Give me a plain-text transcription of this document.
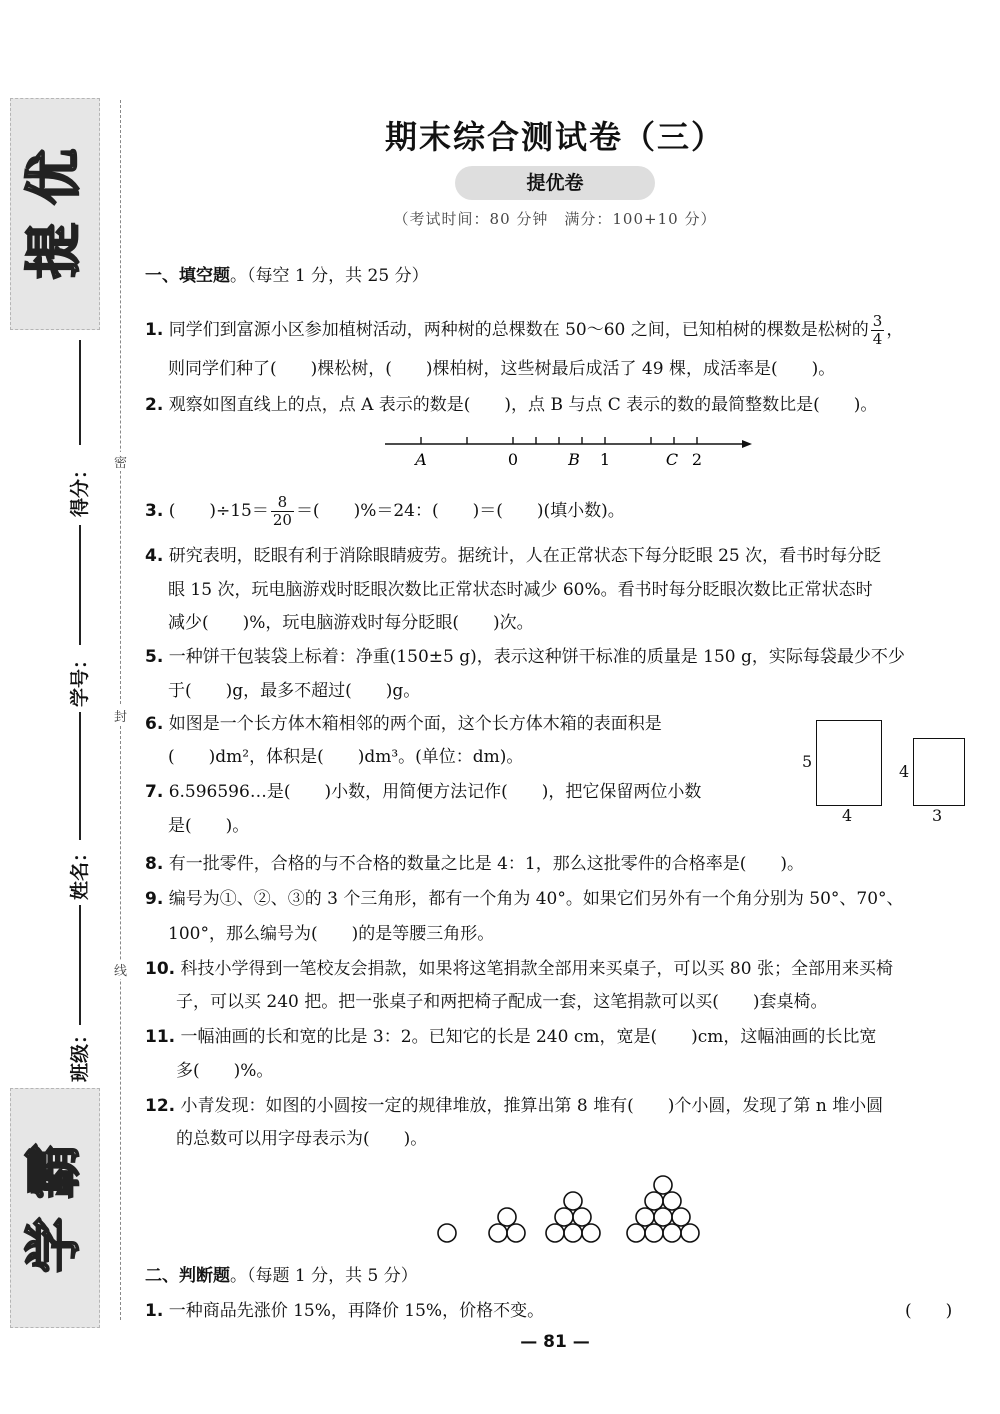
优
提
得分：
学号：
姓名：
班级：
霸
学
密
封
线
期末综合测试卷（三）
提优卷
（考试时间：80 分钟　满分：100+10 分）
一、填空题。（每空 1 分，共 25 分）
1. 同学们到富源小区参加植树活动，两种树的总棵数在 50～60 之间，已知柏树的棵数是松树的 $\frac{3}{4}$ ，
则同学们种了(　　)棵松树，(　　)棵柏树，这些树最后成活了 49 棵，成活率是(　　)。
2. 观察如图直线上的点，点 A 表示的数是(　　)，点 B 与点 C 表示的数的最简整数比是(　　)。
A	0	B 1	C 2
3. (　　)$\div 15= \frac{8}{20}$ ＝(　　)%＝24：(　　)＝(　　)(填小数)。
4. 研究表明，眨眼有利于消除眼睛疲劳。据统计，人在正常状态下每分眨眼 25 次，看书时每分眨
眼 15 次，玩电脑游戏时眨眼次数比正常状态时减少 60%。看书时每分眨眼次数比正常状态时
减少(　　)%，玩电脑游戏时每分眨眼(　　)次。
5. 一种饼干包装袋上标着：净重(150±5 g)，表示这种饼干标准的质量是 150 g，实际每袋最少不少
于(　　)g，最多不超过(　　)g。
6. 如图是一个长方体木箱相邻的两个面，这个长方体木箱的表面积是
(　　)dm²，体积是(　　)dm³。(单位：dm)。	5
4
4
3
7. 6.596596…是(　　)小数，用简便方法记作(　　)，把它保留两位小数
是(　　)。
8. 有一批零件，合格的与不合格的数量之比是 4：1，那么这批零件的合格率是(　　)。
9. 编号为①、②、③的 3 个三角形，都有一个角为 40°。如果它们另外有一个角分别为 50°、70°、
100°，那么编号为(　　)的是等腰三角形。
10. 科技小学得到一笔校友会捐款，如果将这笔捐款全部用来买桌子，可以买 80 张；全部用来买椅
子，可以买 240 把。把一张桌子和两把椅子配成一套，这笔捐款可以买(　　)套桌椅。
11. 一幅油画的长和宽的比是 3：2。已知它的长是 240 cm，宽是(　　)cm，这幅油画的长比宽
多(　　)%。
12. 小青发现：如图的小圆按一定的规律堆放，推算出第 8 堆有(　　)个小圆，发现了第 n 堆小圆
的总数可以用字母表示为(　　)。
二、判断题。（每题 1 分，共 5 分）
1. 一种商品先涨价 15%，再降价 15%，价格不变。	(　　)
— 81 —
